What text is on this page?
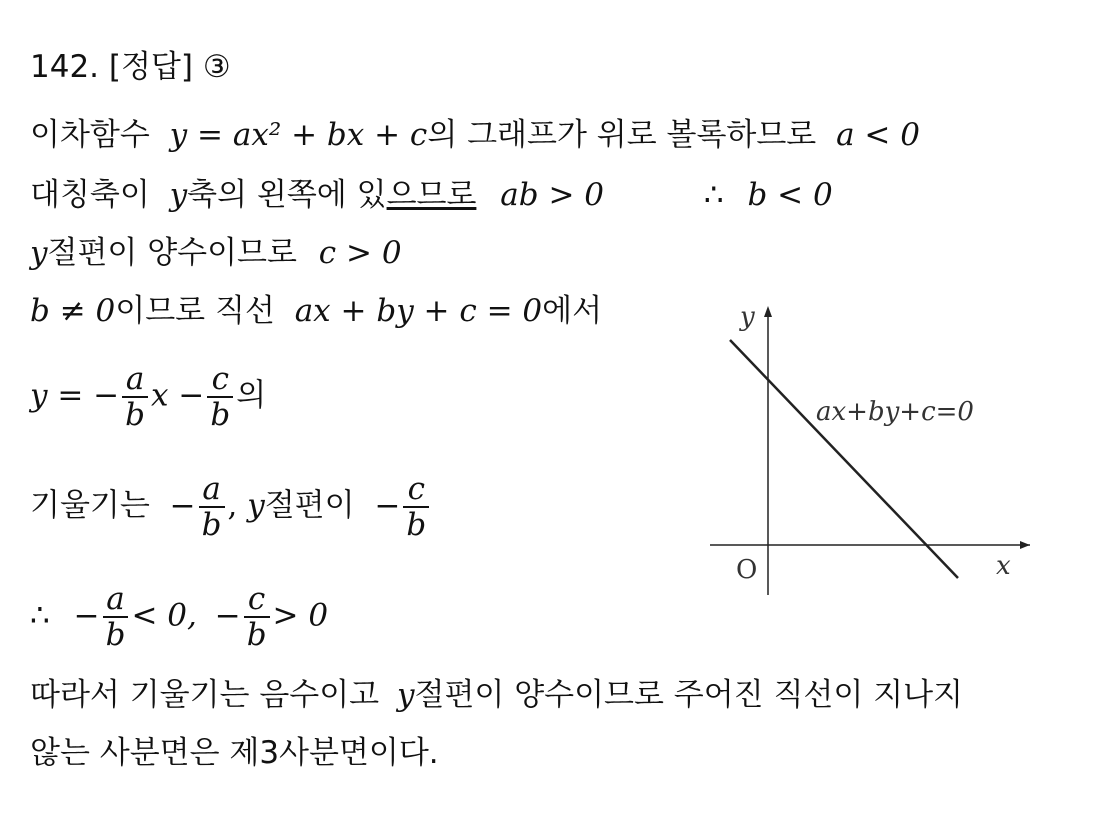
142. [정답] ③
이차함수 y = ax² + bx + c의 그래프가 위로 볼록하므로 a < 0
대칭축이 y축의 왼쪽에 있으므로 ab > 0	∴ b < 0
y절편이 양수이므로 c > 0
b ≠ 0이므로 직선 ax + by + c = 0에서
y = − $\frac{a}{b}$ $x - \frac{c}{b}$ 의
기울기는 − $\frac{a}{b}$ , y절편이 − $\frac{c}{b}$
∴ − $\frac{a}{b} < 0$, − $\frac{c}{b} > 0$
따라서 기울기는 음수이고 y절편이 양수이므로 주어진 직선이 지나지
않는 사분면은 제3사분면이다.
y
x
O
ax+by+c=0
